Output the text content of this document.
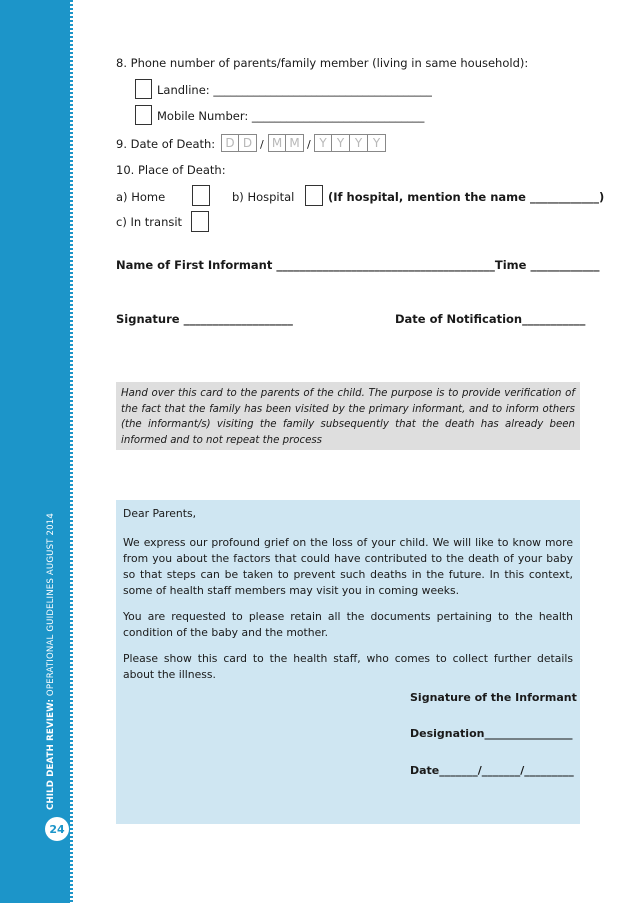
CHILD DEATH REVIEW: OPERATIONAL GUIDELINES AUGUST 2014
24
8. Phone number of parents/family member (living in same household):
Landline: ______________________________________
Mobile Number: ______________________________
9. Date of Death: D D / M M / Y Y Y Y
10. Place of Death:
a) Home	b) Hospital	(If hospital, mention the name ____________)
c) In transit
Name of First Informant ______________________________________Time ____________
Signature ___________________	Date of Notification___________

Hand over this card to the parents of the child. The purpose is to provide verification of the fact that the family has been visited by the primary informant, and to inform others (the informant/s) visiting the family subsequently that the death has already been informed and to not repeat the process

Dear Parents,

We express our profound grief on the loss of your child. We will like to know more from you about the factors that could have contributed to the death of your baby so that steps can be taken to prevent such deaths in the future. In this context, some of health staff members may visit you in coming weeks.

You are requested to please retain all the documents pertaining to the health condition of the baby and the mother.

Please show this card to the health staff, who comes to collect further details about the illness.

Signature of the Informant
Designation________________
Date_______/_______/_________
